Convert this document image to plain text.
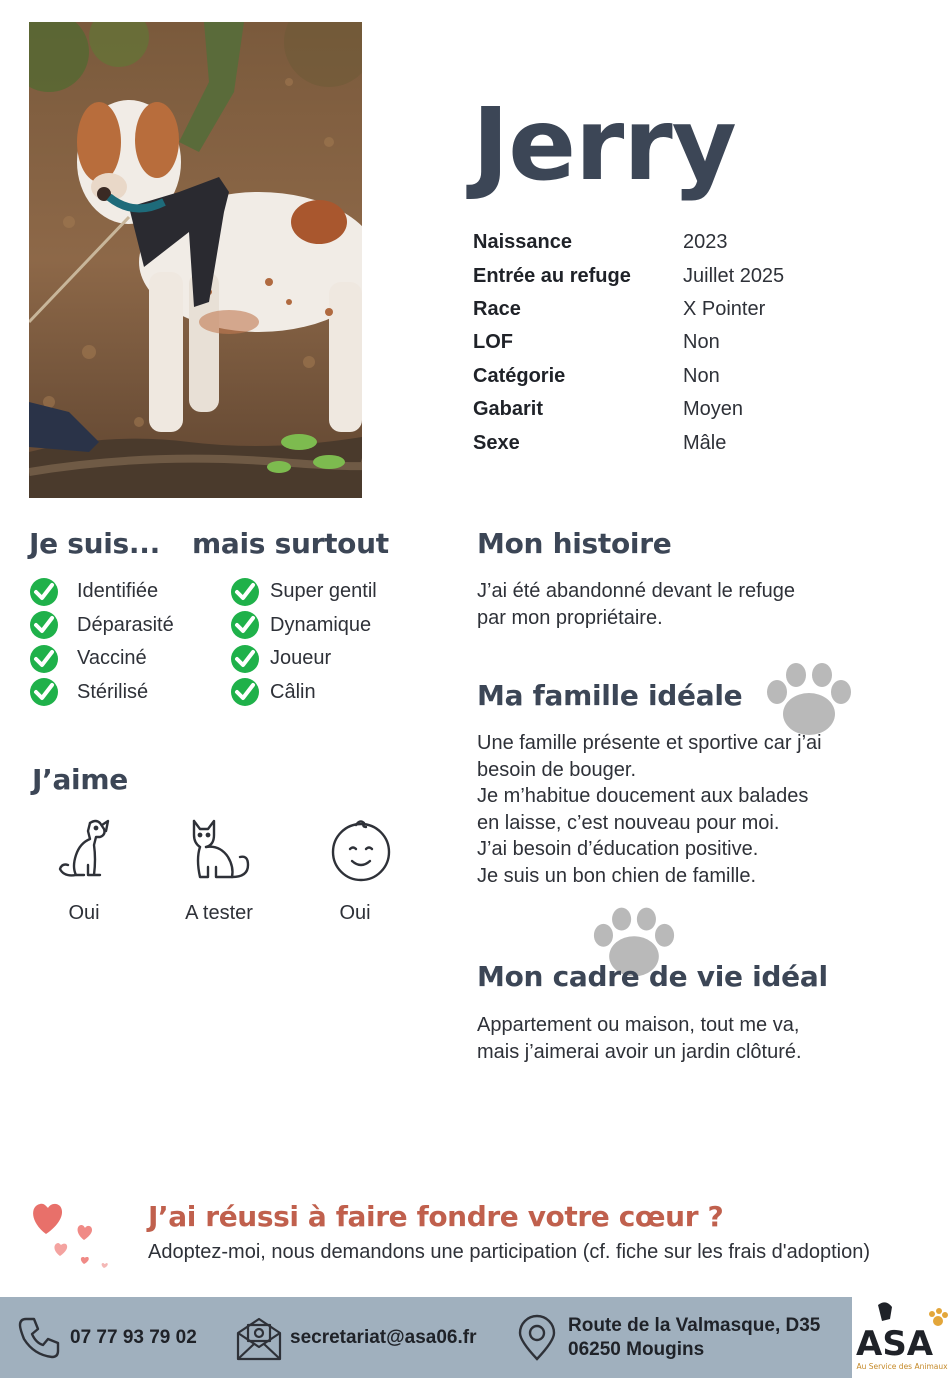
Jerry
Naissance	2023
Entrée au refuge	Juillet 2025
Race	X Pointer
LOF	Non
Catégorie	Non
Gabarit	Moyen
Sexe	Mâle
Je suis... mais surtout
Identifiée
Déparasité
Vacciné
Stérilisé
Super gentil
Dynamique
Joueur
Câlin
J’aime
Oui	A tester	Oui
Mon histoire
J’ai été abandonné devant le refuge
par mon propriétaire.
Ma famille idéale
Une famille présente et sportive car j’ai
besoin de bouger.
Je m’habitue doucement aux balades
en laisse, c’est nouveau pour moi.
J’ai besoin d’éducation positive.
Je suis un bon chien de famille.
Mon cadre de vie idéal
Appartement ou maison, tout me va,
mais j’aimerai avoir un jardin clôturé.
J’ai réussi à faire fondre votre cœur ?
Adoptez-moi, nous demandons une participation (cf. fiche sur les frais d'adoption)
07 77 93 79 02	secretariat@asa06.fr
Route de la Valmasque, D35
06250 Mougins	ASA
Au Service des Animaux
